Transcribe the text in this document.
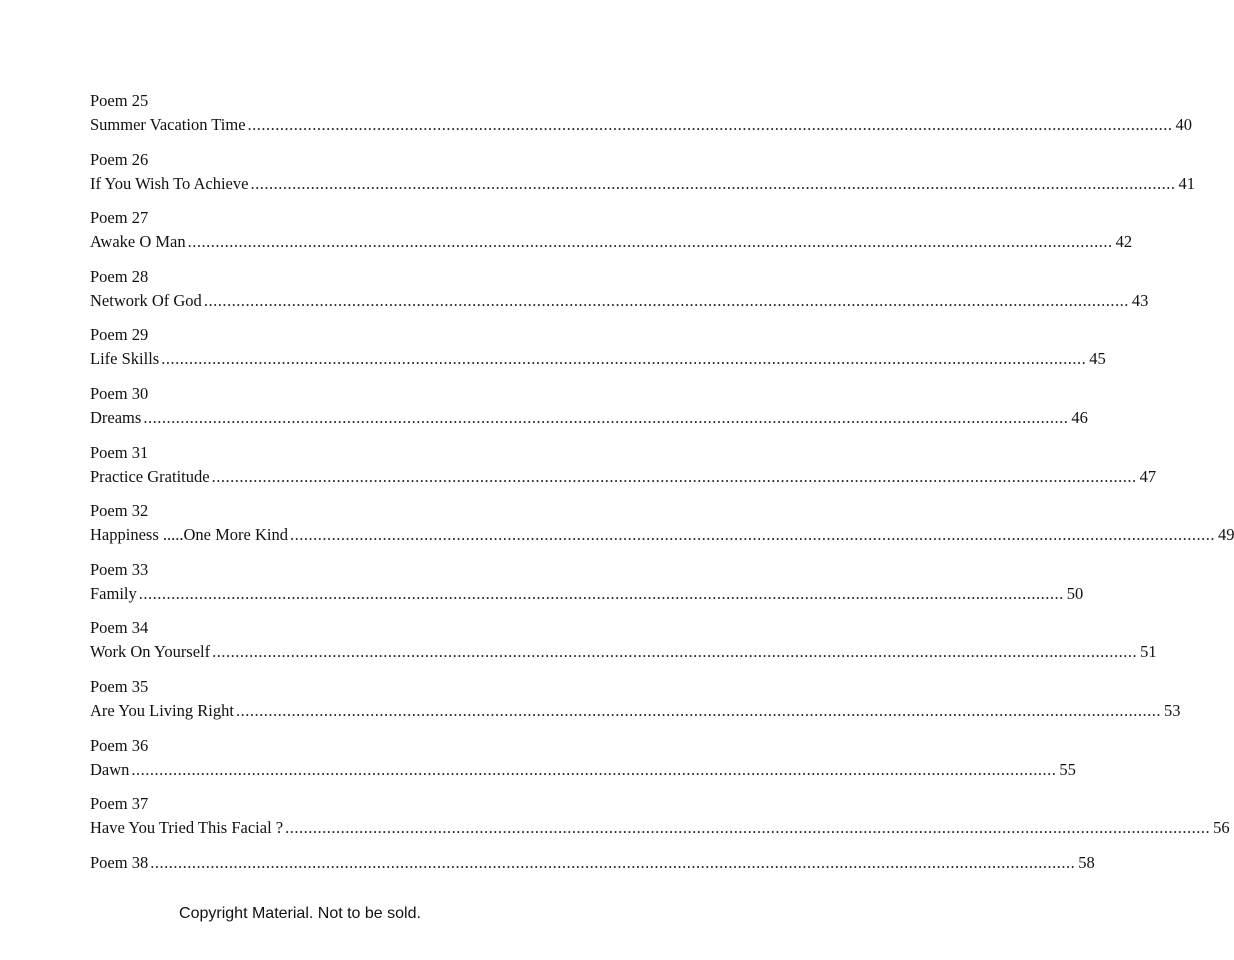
Poem 25
Summer Vacation Time ........................................................................................................................................................................................................ 40
Poem 26
If You Wish To Achieve ........................................................................................................................................................................................................ 41
Poem 27
Awake O Man ........................................................................................................................................................................................................ 42
Poem 28
Network Of God ........................................................................................................................................................................................................ 43
Poem 29
Life Skills ........................................................................................................................................................................................................ 45
Poem 30
Dreams ........................................................................................................................................................................................................ 46
Poem 31
Practice Gratitude ........................................................................................................................................................................................................ 47
Poem 32
Happiness .....One More Kind ........................................................................................................................................................................................................ 49
Poem 33
Family ........................................................................................................................................................................................................ 50
Poem 34
Work On Yourself ........................................................................................................................................................................................................ 51
Poem 35
Are You Living Right ........................................................................................................................................................................................................ 53
Poem 36
Dawn ........................................................................................................................................................................................................ 55
Poem 37
Have You Tried This Facial ? ........................................................................................................................................................................................................ 56
Poem 38 ........................................................................................................................................................................................................ 58
Copyright Material. Not to be sold.
